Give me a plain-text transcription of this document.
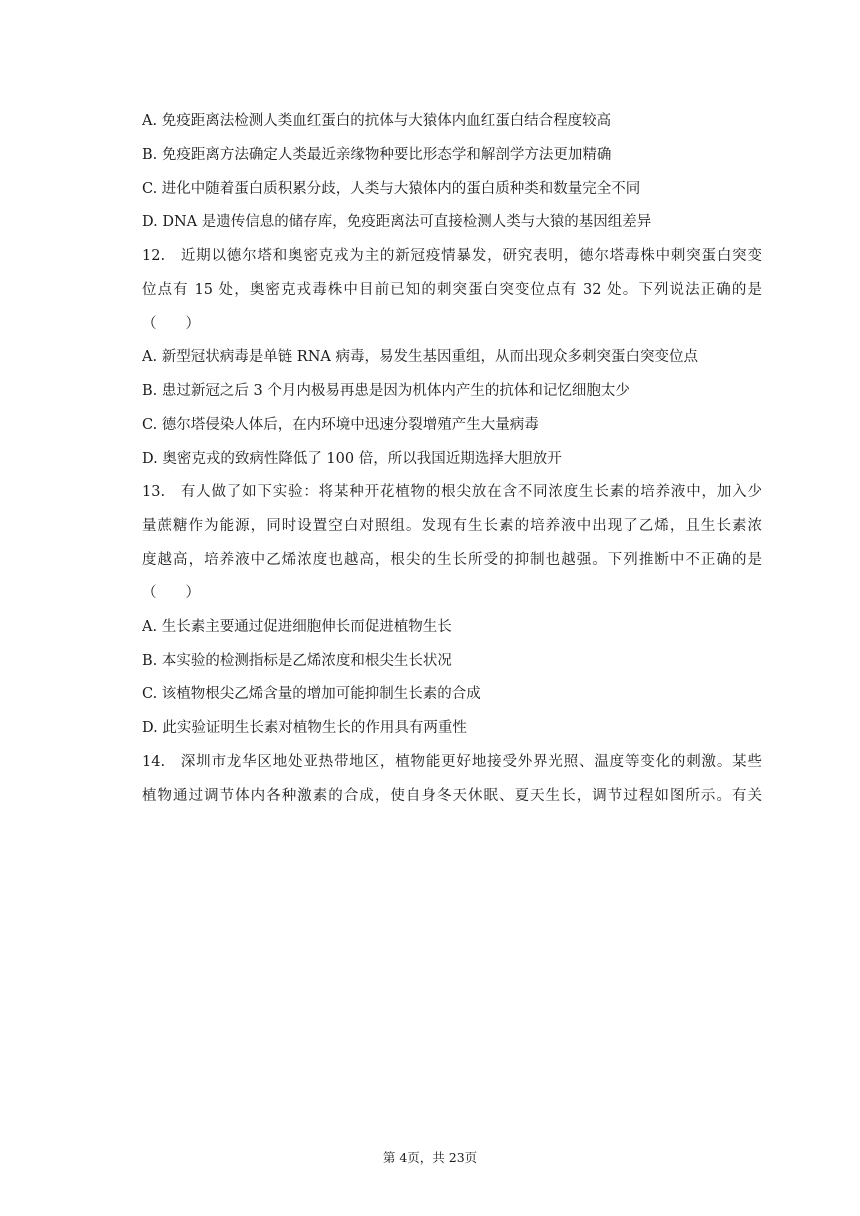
A. 免疫距离法检测人类血红蛋白的抗体与大猿体内血红蛋白结合程度较高
B. 免疫距离方法确定人类最近亲缘物种要比形态学和解剖学方法更加精确
C. 进化中随着蛋白质积累分歧，人类与大猿体内的蛋白质种类和数量完全不同
D. DNA 是遗传信息的储存库，免疫距离法可直接检测人类与大猿的基因组差异
12. 近期以德尔塔和奥密克戎为主的新冠疫情暴发，研究表明，德尔塔毒株中刺突蛋白突变
位点有 15 处，奥密克戎毒株中目前已知的刺突蛋白突变位点有 32 处。下列说法正确的是
（　　）
A. 新型冠状病毒是单链 RNA 病毒，易发生基因重组，从而出现众多刺突蛋白突变位点
B. 患过新冠之后 3 个月内极易再患是因为机体内产生的抗体和记忆细胞太少
C. 德尔塔侵染人体后，在内环境中迅速分裂增殖产生大量病毒
D. 奥密克戎的致病性降低了 100 倍，所以我国近期选择大胆放开
13. 有人做了如下实验：将某种开花植物的根尖放在含不同浓度生长素的培养液中，加入少
量蔗糖作为能源，同时设置空白对照组。发现有生长素的培养液中出现了乙烯，且生长素浓
度越高，培养液中乙烯浓度也越高，根尖的生长所受的抑制也越强。下列推断中不正确的是
（　　）
A. 生长素主要通过促进细胞伸长而促进植物生长
B. 本实验的检测指标是乙烯浓度和根尖生长状况
C. 该植物根尖乙烯含量的增加可能抑制生长素的合成
D. 此实验证明生长素对植物生长的作用具有两重性
14. 深圳市龙华区地处亚热带地区，植物能更好地接受外界光照、温度等变化的刺激。某些
植物通过调节体内各种激素的合成，使自身冬天休眠、夏天生长，调节过程如图所示。有关
第 4页，共 23页
